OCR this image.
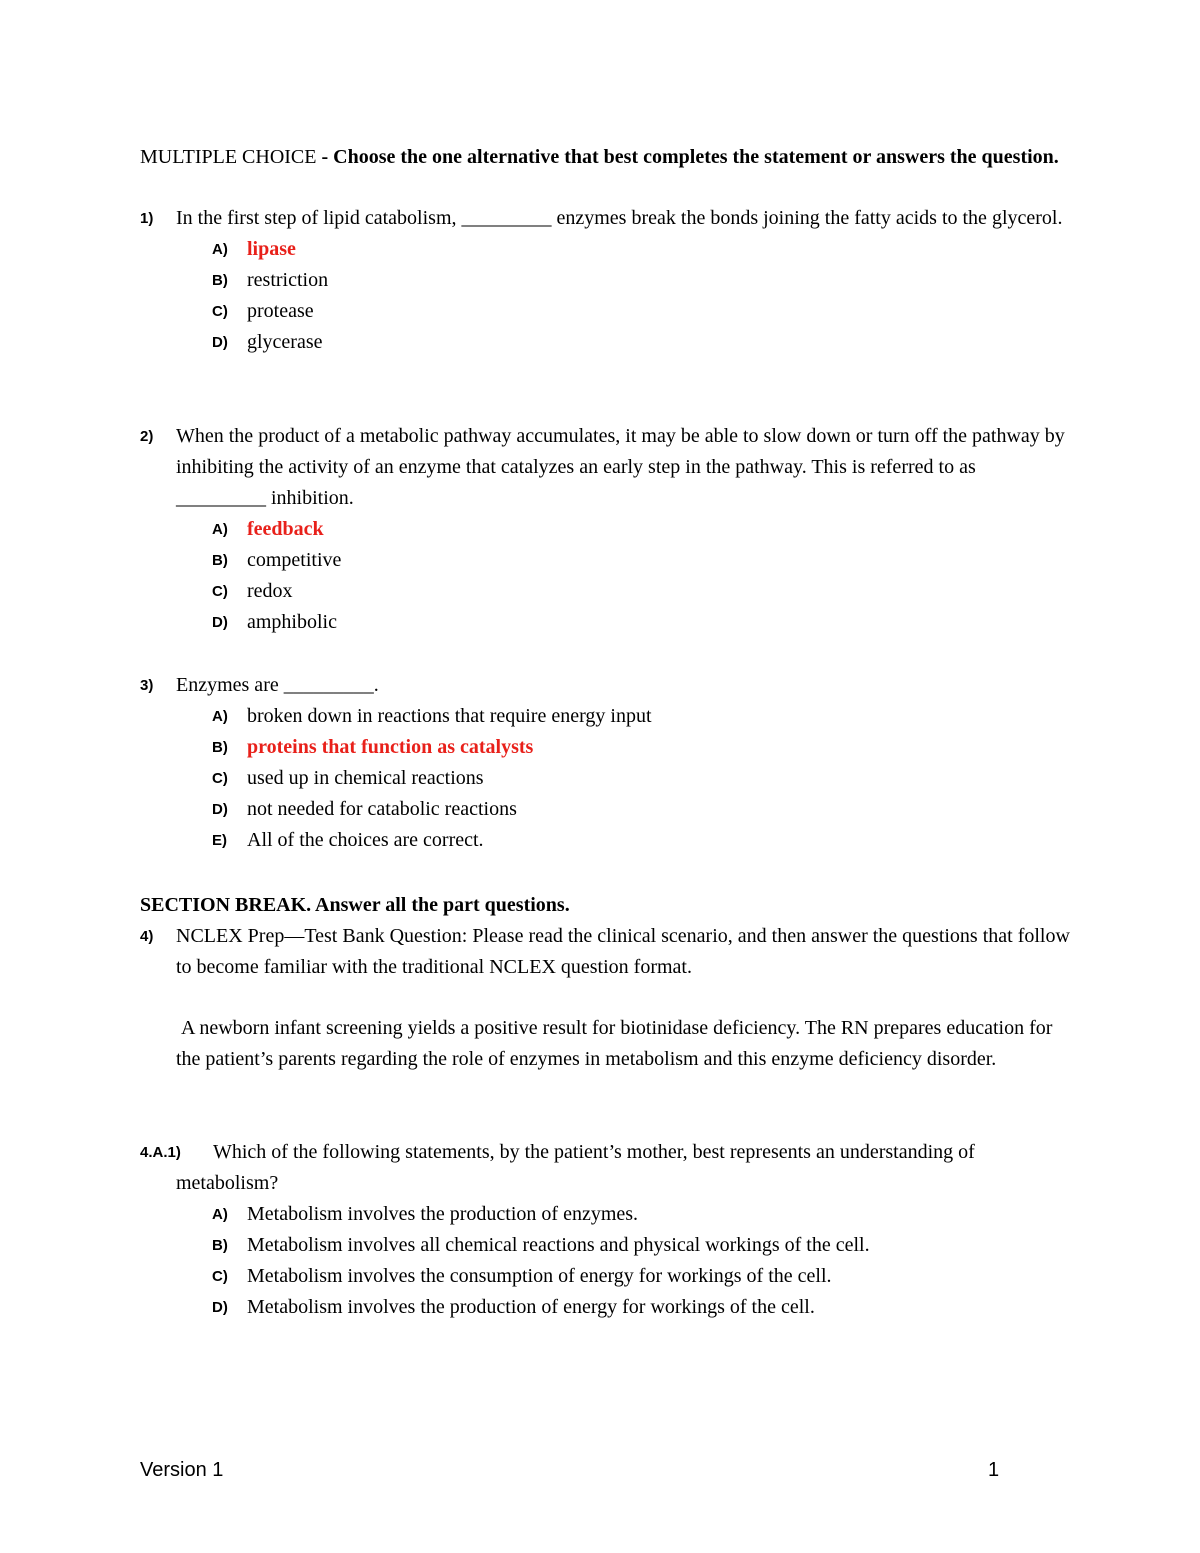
MULTIPLE CHOICE - Choose the one alternative that best completes the statement or answers the question.
1) In the first step of lipid catabolism, _________ enzymes break the bonds joining the fatty acids to the glycerol.
A) lipase
B) restriction
C) protease
D) glycerase
2) When the product of a metabolic pathway accumulates, it may be able to slow down or turn off the pathway by inhibiting the activity of an enzyme that catalyzes an early step in the pathway. This is referred to as _________ inhibition.
A) feedback
B) competitive
C) redox
D) amphibolic
3) Enzymes are _________.
A) broken down in reactions that require energy input
B) proteins that function as catalysts
C) used up in chemical reactions
D) not needed for catabolic reactions
E) All of the choices are correct.
SECTION BREAK. Answer all the part questions.
4) NCLEX Prep—Test Bank Question: Please read the clinical scenario, and then answer the questions that follow to become familiar with the traditional NCLEX question format.
A newborn infant screening yields a positive result for biotinidase deficiency. The RN prepares education for the patient’s parents regarding the role of enzymes in metabolism and this enzyme deficiency disorder.
4.A.1)	Which of the following statements, by the patient’s mother, best represents an understanding of metabolism?
A) Metabolism involves the production of enzymes.
B) Metabolism involves all chemical reactions and physical workings of the cell.
C) Metabolism involves the consumption of energy for workings of the cell.
D) Metabolism involves the production of energy for workings of the cell.
Version 1	1
